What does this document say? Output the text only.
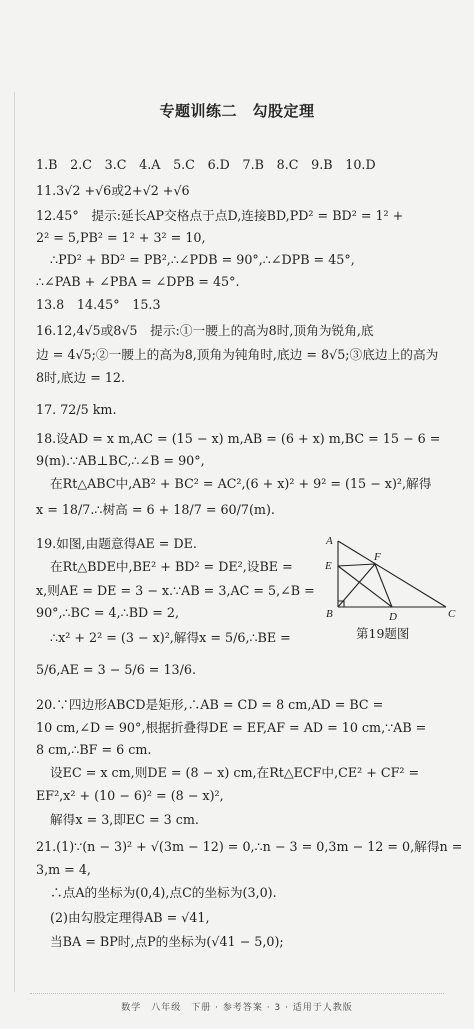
专题训练二　勾股定理
1.B　2.C　3.C　4.A　5.C　6.D　7.B　8.C　9.B　10.D
11.3√2 +√6或2+√2 +√6
12.45°　提示:延长AP交格点于点D,连接BD,PD² = BD² = 1² +
2² = 5,PB² = 1² + 3² = 10,
∴PD² + BD² = PB²,∴∠PDB = 90°,∴∠DPB = 45°,
∴∠PAB + ∠PBA = ∠DPB = 45°.
13.8　14.45°　15.3
16.12,4√5或8√5　提示:①一腰上的高为8时,顶角为锐角,底
边 = 4√5;②一腰上的高为8,顶角为钝角时,底边 = 8√5;③底边上的高为
8时,底边 = 12.
17. 72/5 km.
18.设AD = x m,AC = (15 − x) m,AB = (6 + x) m,BC = 15 − 6 =
9(m).∵AB⊥BC,∴∠B = 90°,
在Rt△ABC中,AB² + BC² = AC²,(6 + x)² + 9² = (15 − x)²,解得
x = 18/7.∴树高 = 6 + 18/7 = 60/7(m).
19.如图,由题意得AE = DE.
在Rt△BDE中,BE² + BD² = DE²,设BE =
x,则AE = DE = 3 − x.∵AB = 3,AC = 5,∠B =
90°,∴BC = 4,∴BD = 2,
∴x² + 2² = (3 − x)²,解得x = 5/6,∴BE =
5/6,AE = 3 − 5/6 = 13/6.
20.∵四边形ABCD是矩形,∴AB = CD = 8 cm,AD = BC =
10 cm,∠D = 90°,根据折叠得DE = EF,AF = AD = 10 cm,∵AB =
8 cm,∴BF = 6 cm.
设EC = x cm,则DE = (8 − x) cm,在Rt△ECF中,CE² + CF² =
EF²,x² + (10 − 6)² = (8 − x)²,
解得x = 3,即EC = 3 cm.
21.(1)∵(n − 3)² + √(3m − 12) = 0,∴n − 3 = 0,3m − 12 = 0,解得n =
3,m = 4,
∴点A的坐标为(0,4),点C的坐标为(3,0).
(2)由勾股定理得AB = √41,
当BA = BP时,点P的坐标为(√41 − 5,0);
A
E
B
F
D	C
第19题图
数学　八年级　下册 · 参考答案 · 3 · 适用于人教版
